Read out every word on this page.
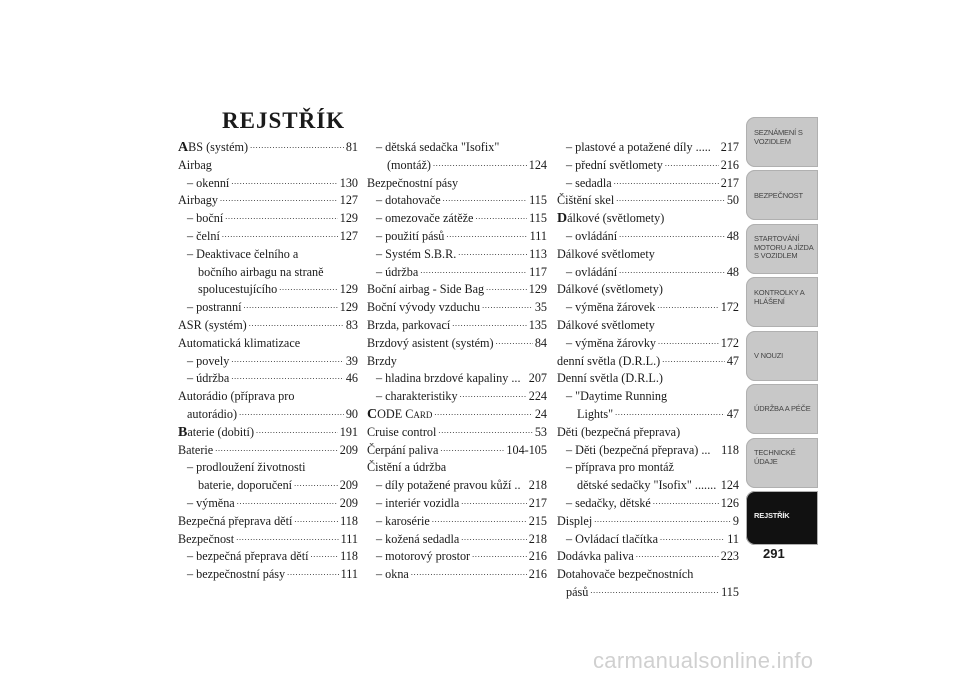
REJSTŘÍK
A BS (systém) . . .	81
Airbag
– okenní . . .	130
Airbagy . . .	127
– boční . . .	129
– čelní . . .	127
– Deaktivace čelního a
bočního airbagu na straně
spolucestujícího . . .	129
– postranní . . .	129
ASR (systém) . . .	83
Automatická klimatizace
– povely . . .	39
– údržba . . .	46
Autorádio (příprava pro
autorádio) . . .	90
B aterie (dobití) . . .	191
Baterie . . .	209
– prodloužení životnosti
baterie, doporučení . . .	209
– výměna . . .	209
Bezpečná přeprava dětí . . .	118
Bezpečnost . . .	111
– bezpečná přeprava dětí . . .	118
– bezpečnostní pásy . . .	111
– dětská sedačka "Isofix"
(montáž) . . .	124
Bezpečnostní pásy
– dotahovače . . .	115
– omezovače zátěže . . .	115
– použití pásů . . .	111
– Systém S.B.R. . . .	113
– údržba . . .	117
Boční airbag - Side Bag . . .	129
Boční vývody vzduchu . . .	35
Brzda, parkovací . . .	135
Brzdový asistent (systém) . . .	84
Brzdy
– hladina brzdové kapaliny ... 207
– charakteristiky . . .	224
C ODE Card . . .	24
Cruise control . . .	53
Čerpání paliva . . .	104-105
Čistění a údržba
– díly potažené pravou kůží .. 218
– interiér vozidla . . .	217
– karosérie . . .	215
– kožená sedadla . . .	218
– motorový prostor . . .	216
– okna . . .	216
– plastové a potažené díly ..... 217
– přední světlomety . . .	216
– sedadla . . .	217
Čištění skel . . .	50
D álkové (světlomety)
– ovládání . . .	48
Dálkové světlomety
– ovládání . . .	48
Dálkové (světlomety)
– výměna žárovek . . .	172
Dálkové světlomety
– výměna žárovky . . .	172
denní světla (D.R.L.) . . .	47
Denní světla (D.R.L.)
– "Daytime Running
Lights" . . .	47
Děti (bezpečná přeprava)
– Děti (bezpečná přeprava) ... 118
– příprava pro montáž
dětské sedačky "Isofix" ....... 124
– sedačky, dětské . . .	126
Displej . . .	9
– Ovládací tlačítka . . .	11
Dodávka paliva . . .	223
Dotahovače bezpečnostních
pásů . . .	115
SEZNÁMENÍ S VOZIDLEM
BEZPEČNOST
STARTOVÁNÍ MOTORU A JÍZDA S VOZIDLEM
KONTROLKY A HLÁŠENÍ
V NOUZI
ÚDRŽBA A PÉČE
TECHNICKÉ ÚDAJE
REJSTŘÍK
291
carmanualsonline.info
